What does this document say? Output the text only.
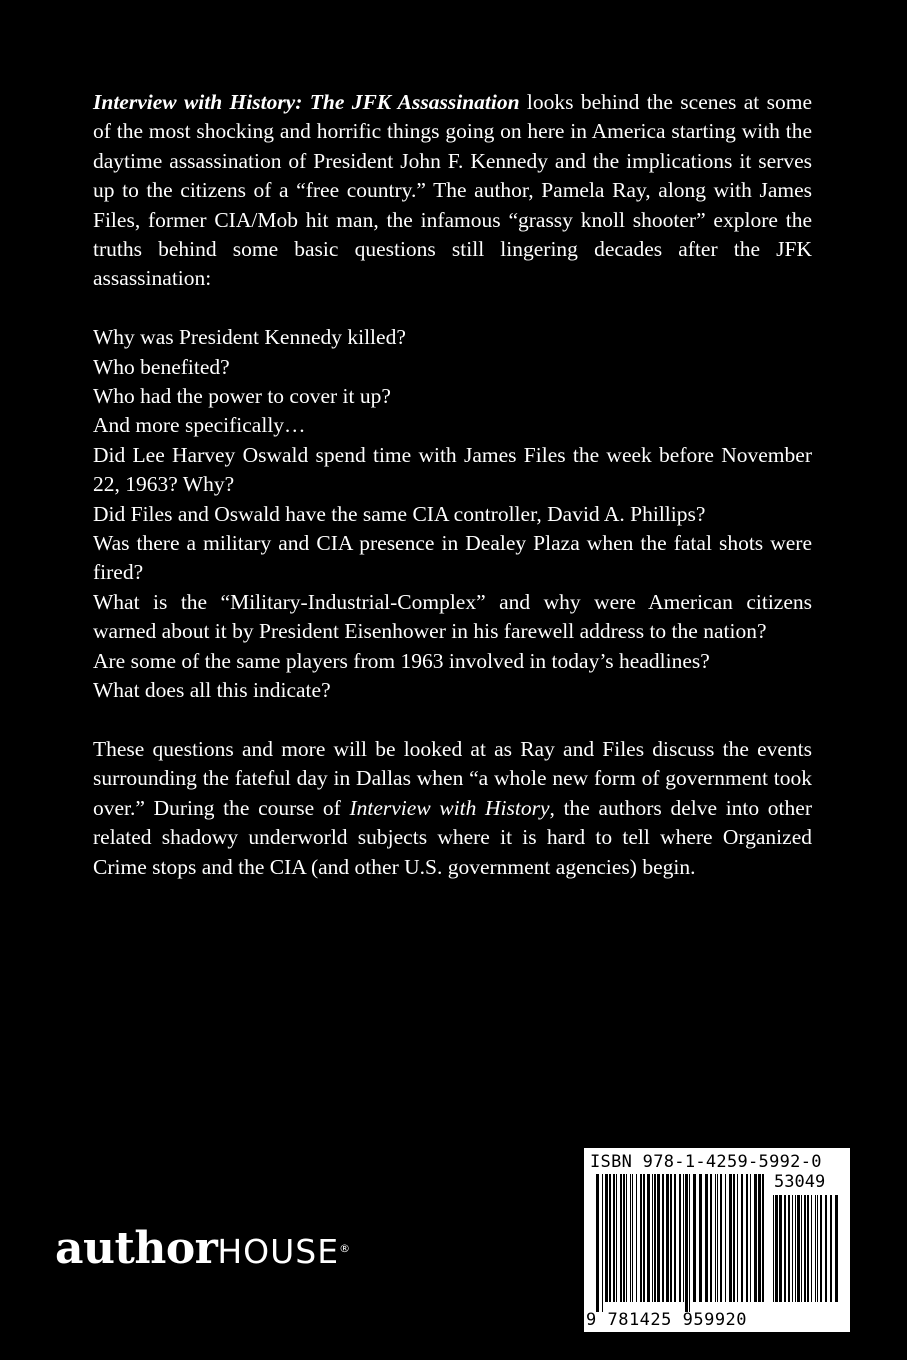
Interview with History: The JFK Assassination looks behind the scenes at some of the most shocking and horrific things going on here in America starting with the daytime assassination of President John F. Kennedy and the implications it serves up to the citizens of a “free country.” The author, Pamela Ray, along with James Files, former CIA/Mob hit man, the infamous “grassy knoll shooter” explore the truths behind some basic questions still lingering decades after the JFK assassination:

Why was President Kennedy killed?

Who benefited?

Who had the power to cover it up?

And more specifically…

Did Lee Harvey Oswald spend time with James Files the week before November 22, 1963? Why?

Did Files and Oswald have the same CIA controller, David A. Phillips?

Was there a military and CIA presence in Dealey Plaza when the fatal shots were fired?

What is the “Military-Industrial-Complex” and why were American citizens warned about it by President Eisenhower in his farewell address to the nation?

Are some of the same players from 1963 involved in today’s headlines?

What does all this indicate?

These questions and more will be looked at as Ray and Files discuss the events surrounding the fateful day in Dallas when “a whole new form of government took over.” During the course of Interview with History, the authors delve into other related shadowy underworld subjects where it is hard to tell where Organized Crime stops and the CIA (and other U.S. government agencies) begin.

authorHOUSE®
ISBN 978-1-4259-5992-0
53049
9 781425 959920
